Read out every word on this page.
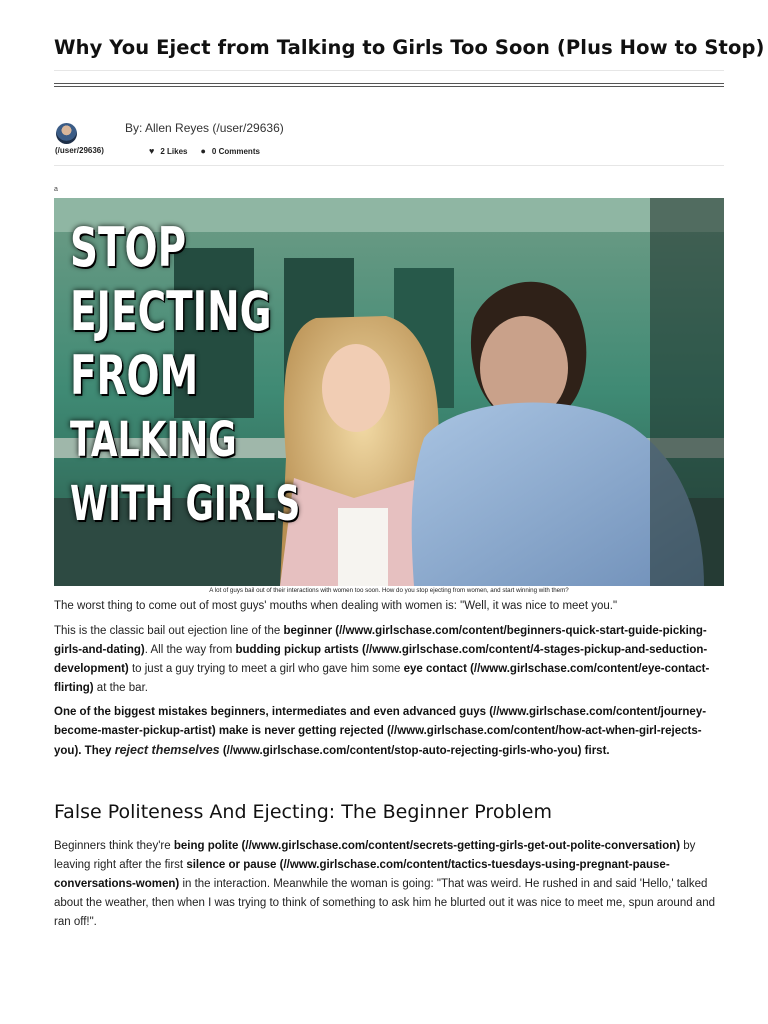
Why You Eject from Talking to Girls Too Soon (Plus How to Stop)
(/user/29636)
By: Allen Reyes (/user/29636)
♥ 2 Likes ● 0 Comments
a
STOP
EJECTING
FROM
TALKING
WITH GIRLS
A lot of guys bail out of their interactions with women too soon. How do you stop ejecting from women, and start winning with them?

The worst thing to come out of most guys' mouths when dealing with women is: "Well, it was nice to meet you."

This is the classic bail out ejection line of the beginner (//www.girlschase.com/content/beginners-quick-start-guide-picking-girls-and-dating). All the way from budding pickup artists (//www.girlschase.com/content/4-stages-pickup-and-seduction-development) to just a guy trying to meet a girl who gave him some eye contact (//www.girlschase.com/content/eye-contact-flirting) at the bar.

One of the biggest mistakes beginners, intermediates and even advanced guys (//www.girlschase.com/content/journey-become-master-pickup-artist) make is never getting rejected (//www.girlschase.com/content/how-act-when-girl-rejects-you). They reject themselves (//www.girlschase.com/content/stop-auto-rejecting-girls-who-you) first.

False Politeness And Ejecting: The Beginner Problem

Beginners think they're being polite (//www.girlschase.com/content/secrets-getting-girls-get-out-polite-conversation) by leaving right after the first silence or pause (//www.girlschase.com/content/tactics-tuesdays-using-pregnant-pause-conversations-women) in the interaction. Meanwhile the woman is going: "That was weird. He rushed in and said 'Hello,' talked about the weather, then when I was trying to think of something to ask him he blurted out it was nice to meet me, spun around and ran off!".
